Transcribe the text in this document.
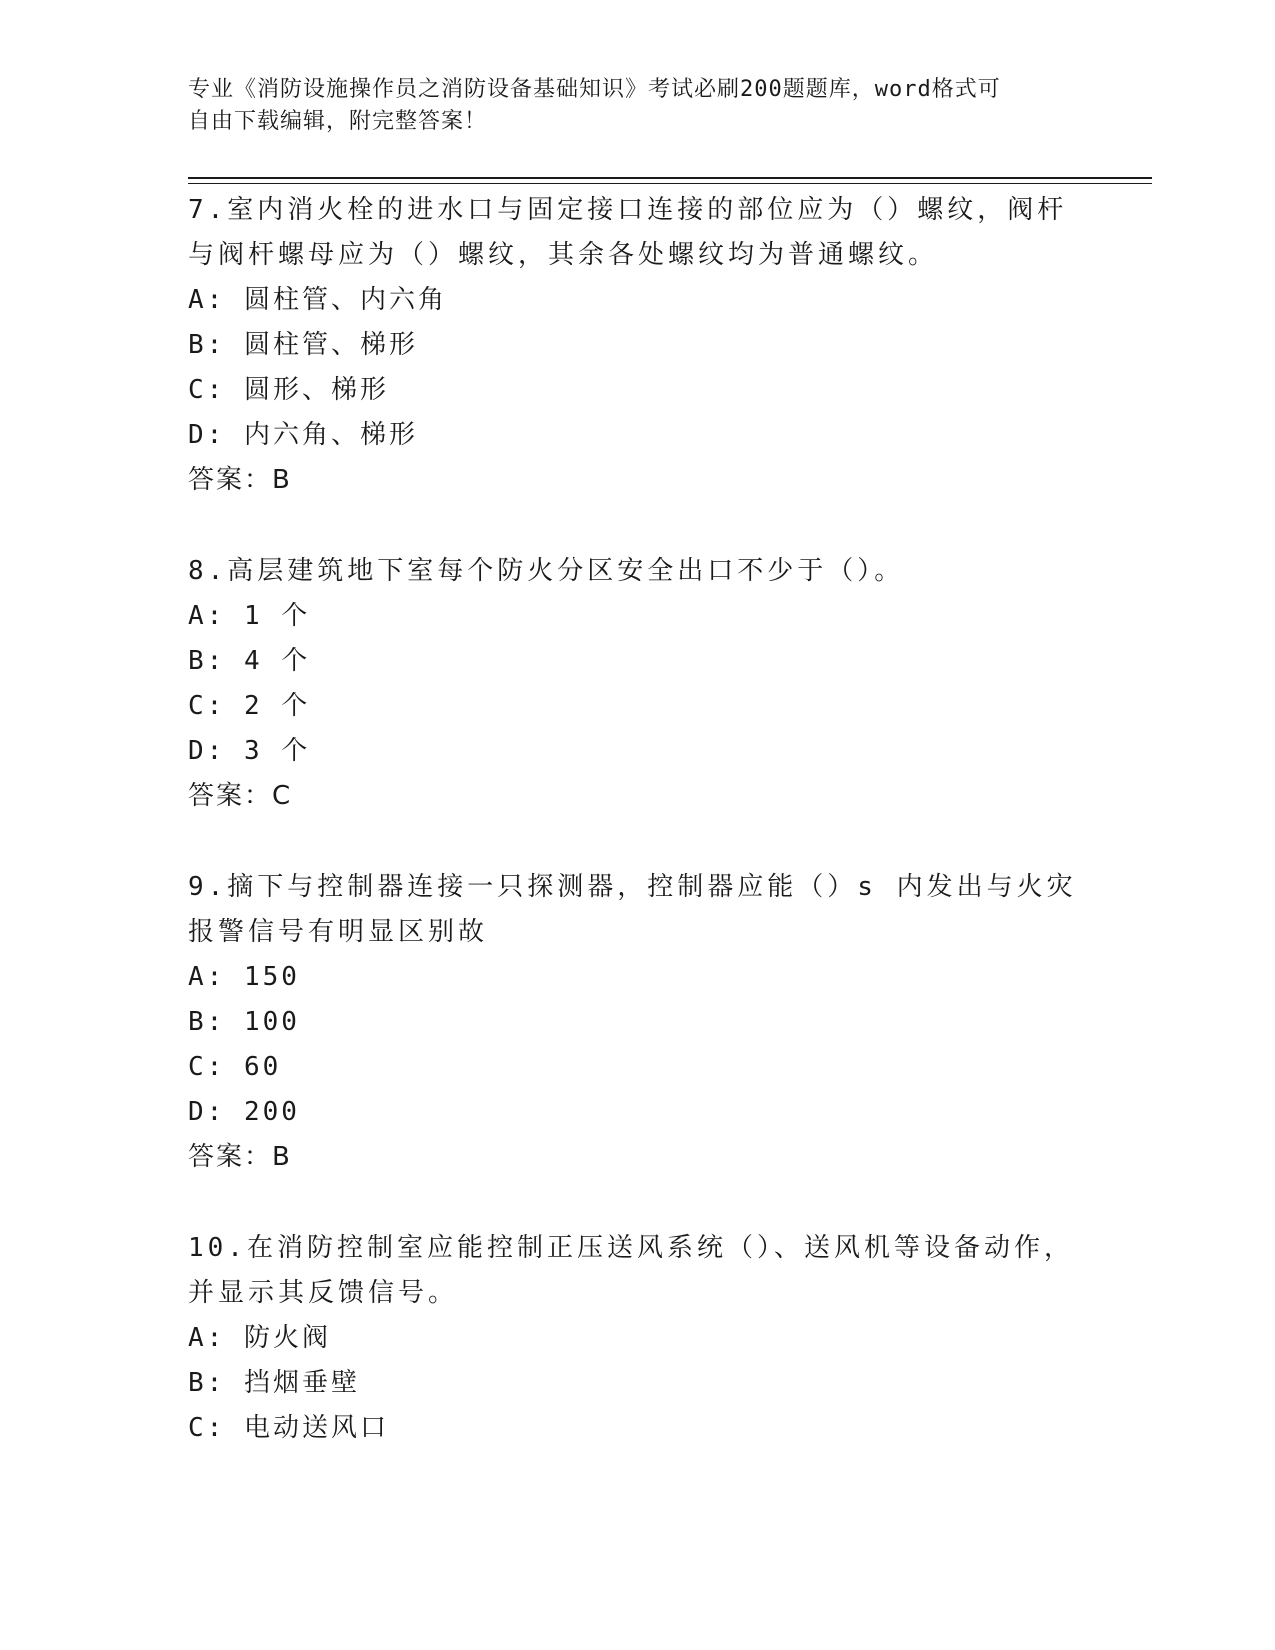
专业《消防设施操作员之消防设备基础知识》考试必刷200题题库，word格式可
自由下载编辑，附完整答案！

7.室内消火栓的进水口与固定接口连接的部位应为（）螺纹，阀杆与阀杆螺母应为（）螺纹，其余各处螺纹均为普通螺纹。

A: 圆柱管、内六角

B: 圆柱管、梯形

C: 圆形、梯形

D: 内六角、梯形

答案：B

8.高层建筑地下室每个防火分区安全出口不少于（）。

A: 1 个

B: 4 个

C: 2 个

D: 3 个

答案：C

9.摘下与控制器连接一只探测器，控制器应能（）s 内发出与火灾报警信号有明显区别故

A: 150

B: 100

C: 60

D: 200

答案：B

10.在消防控制室应能控制正压送风系统（）、送风机等设备动作，并显示其反馈信号。

A: 防火阀

B: 挡烟垂壁

C: 电动送风口
